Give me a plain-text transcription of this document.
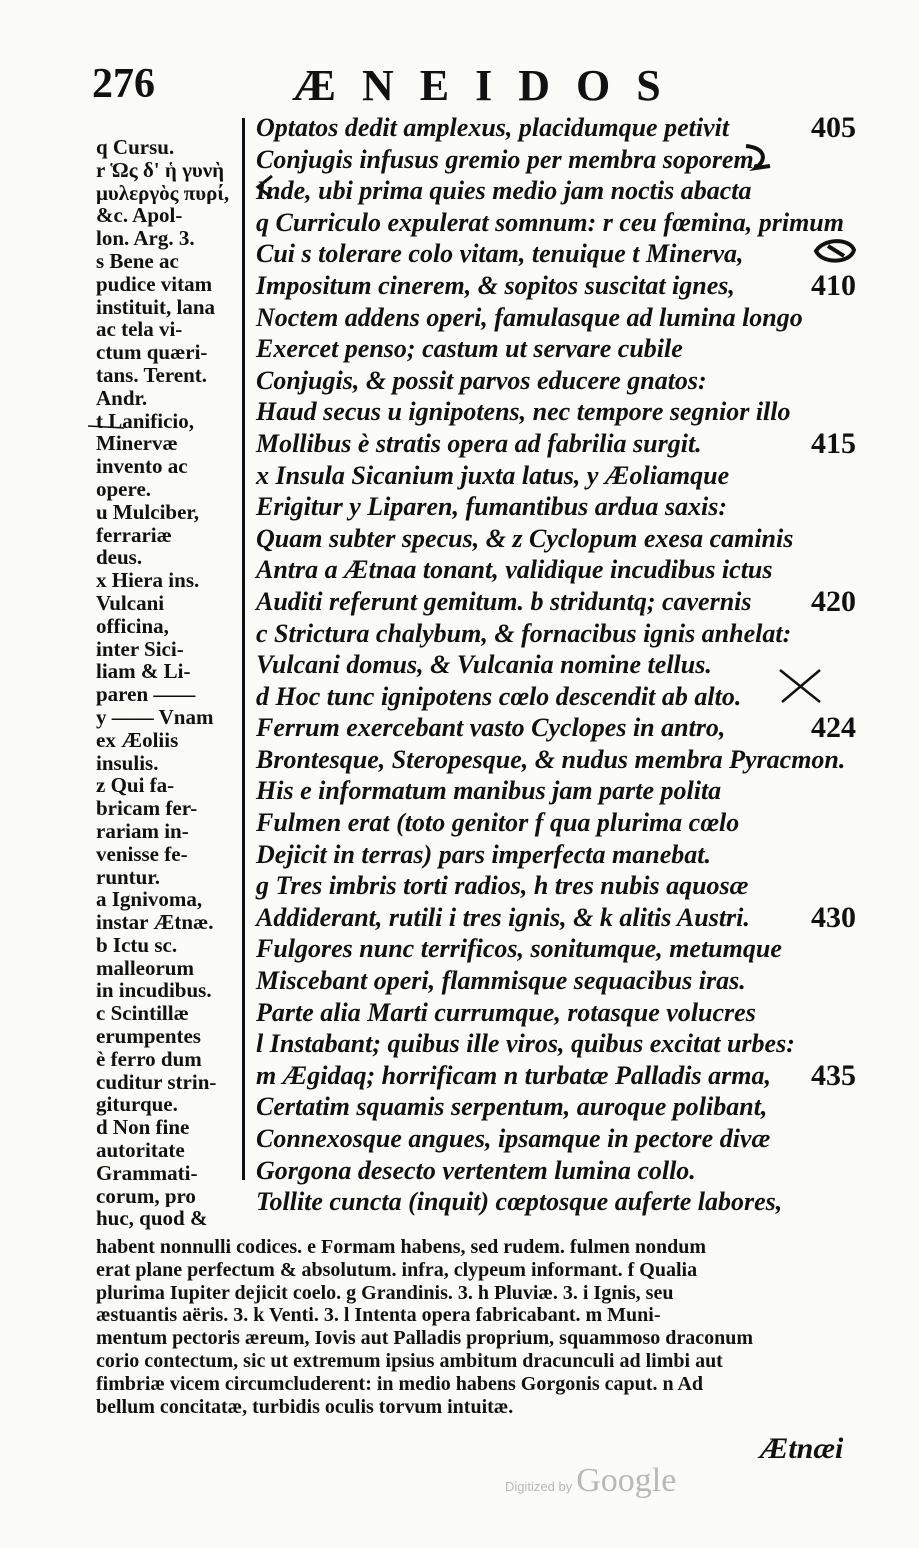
276	ÆNEIDOS
q Cursu.
r Ὡς δ' ἡ γυνὴ
μυλεργὸς πυρί,
&c. Apol-
lon. Arg. 3.
s Bene ac
pudice vitam
instituit, lana
ac tela vi-
ctum quæri-
tans. Terent.
Andr.
t Lanificio,
Minervæ
invento ac
opere.
u Mulciber,
ferrariæ
deus.
x Hiera ins.
Vulcani
officina,
inter Sici-
liam & Li-
paren ——
y —— Vnam
ex Æoliis
insulis.
z Qui fa-
bricam fer-
rariam in-
venisse fe-
runtur.
a Ignivoma,
instar Ætnæ.
b Ictu sc.
malleorum
in incudibus.
c Scintillæ
erumpentes
è ferro dum
cuditur strin-
giturque.
d Non fine
autoritate
Grammati-
corum, pro
huc, quod &
Optatos dedit amplexus, placidumque petivit	405
Conjugis infusus gremio per membra soporem.
Inde, ubi prima quies medio jam noctis abacta
q Curriculo expulerat somnum: r ceu fœmina, primum
Cui s tolerare colo vitam, tenuique t Minerva,
Impositum cinerem, & sopitos suscitat ignes,	410
Noctem addens operi, famulasque ad lumina longo
Exercet penso; castum ut servare cubile
Conjugis, & possit parvos educere gnatos:
Haud secus u ignipotens, nec tempore segnior illo
Mollibus è stratis opera ad fabrilia surgit.	415
x Insula Sicanium juxta latus, y Æoliamque
Erigitur y Liparen, fumantibus ardua saxis:
Quam subter specus, & z Cyclopum exesa caminis
Antra a Ætnaa tonant, validique incudibus ictus
Auditi referunt gemitum. b striduntq; cavernis 420
c Strictura chalybum, & fornacibus ignis anhelat:
Vulcani domus, & Vulcania nomine tellus.
d Hoc tunc ignipotens cœlo descendit ab alto.
Ferrum exercebant vasto Cyclopes in antro,	424
Brontesque, Steropesque, & nudus membra Pyracmon.
His e informatum manibus jam parte polita
Fulmen erat (toto genitor f qua plurima cœlo
Dejicit in terras) pars imperfecta manebat.
g Tres imbris torti radios, h tres nubis aquosæ
Addiderant, rutili i tres ignis, & k alitis Austri. 430
Fulgores nunc terrificos, sonitumque, metumque
Miscebant operi, flammisque sequacibus iras.
Parte alia Marti currumque, rotasque volucres
l Instabant; quibus ille viros, quibus excitat urbes:
m Ægidaq; horrificam n turbatæ Palladis arma, 435
Certatim squamis serpentum, auroque polibant,
Connexosque angues, ipsamque in pectore divæ
Gorgona desecto vertentem lumina collo.
Tollite cuncta (inquit) cœptosque auferte labores,
habent nonnulli codices. e Formam habens, sed rudem. fulmen nondum
erat plane perfectum & absolutum. infra, clypeum informant. f Qualia
plurima Iupiter dejicit coelo. g Grandinis. 3. h Pluviæ. 3. i Ignis, seu
æstuantis aëris. 3. k Venti. 3. l Intenta opera fabricabant. m Muni-
mentum pectoris æreum, Iovis aut Palladis proprium, squammoso draconum
corio contectum, sic ut extremum ipsius ambitum dracunculi ad limbi aut
fimbriæ vicem circumcluderent: in medio habens Gorgonis caput. n Ad
bellum concitatæ, turbidis oculis torvum intuitæ.
Ætnæi
Digitized by Google
